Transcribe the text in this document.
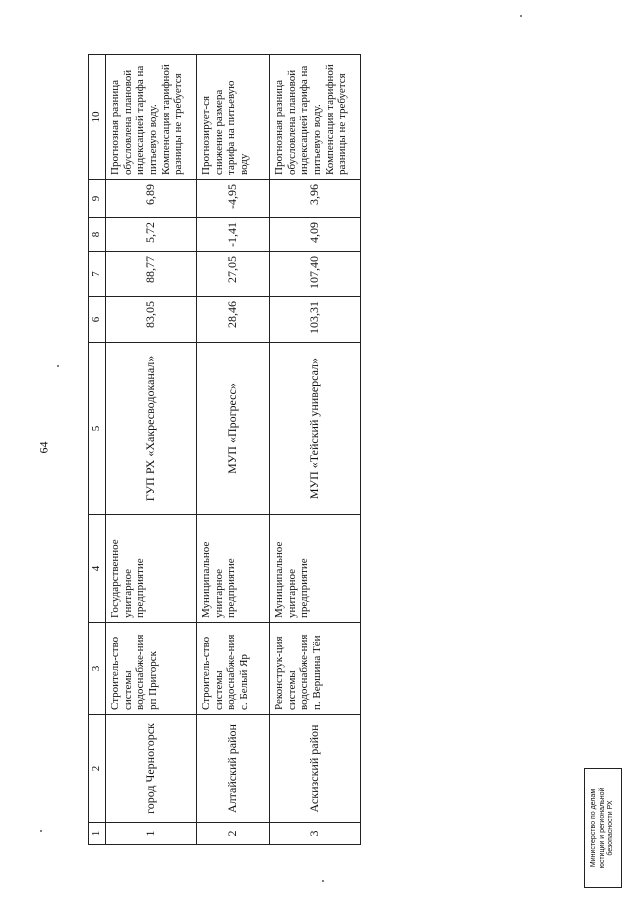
64
1	2	3	4	5	6	7	8	9	10
1	город Черногорск	Строитель-ство системы водоснабже-ния рп Пригорск	Государственное унитарное предприятие	ГУП РХ «Хакресводоканал»	83,05	88,77	5,72	6,89	Прогнозная разница обусловлена плановой индексацией тарифа на питьевую воду. Компенсация тарифной разницы не требуется
2	Алтайский район	Строитель-ство системы водоснабже-ния с. Белый Яр	Муниципальное унитарное предприятие	МУП «Прогресс»	28,46	27,05	-1,41	-4,95	Прогнозирует-ся снижение размера тарифа на питьевую воду
3	Аскизский район	Реконструк-ция системы водоснабже-ния п. Вершина Тёи	Муниципальное унитарное предприятие	МУП «Тейский универсал»	103,31	107,40	4,09	3,96	Прогнозная разница обусловлена плановой индексацией тарифа на питьевую воду. Компенсация тарифной разницы не требуется
Министерство по делам юстиции и региональной безопасности РХ
